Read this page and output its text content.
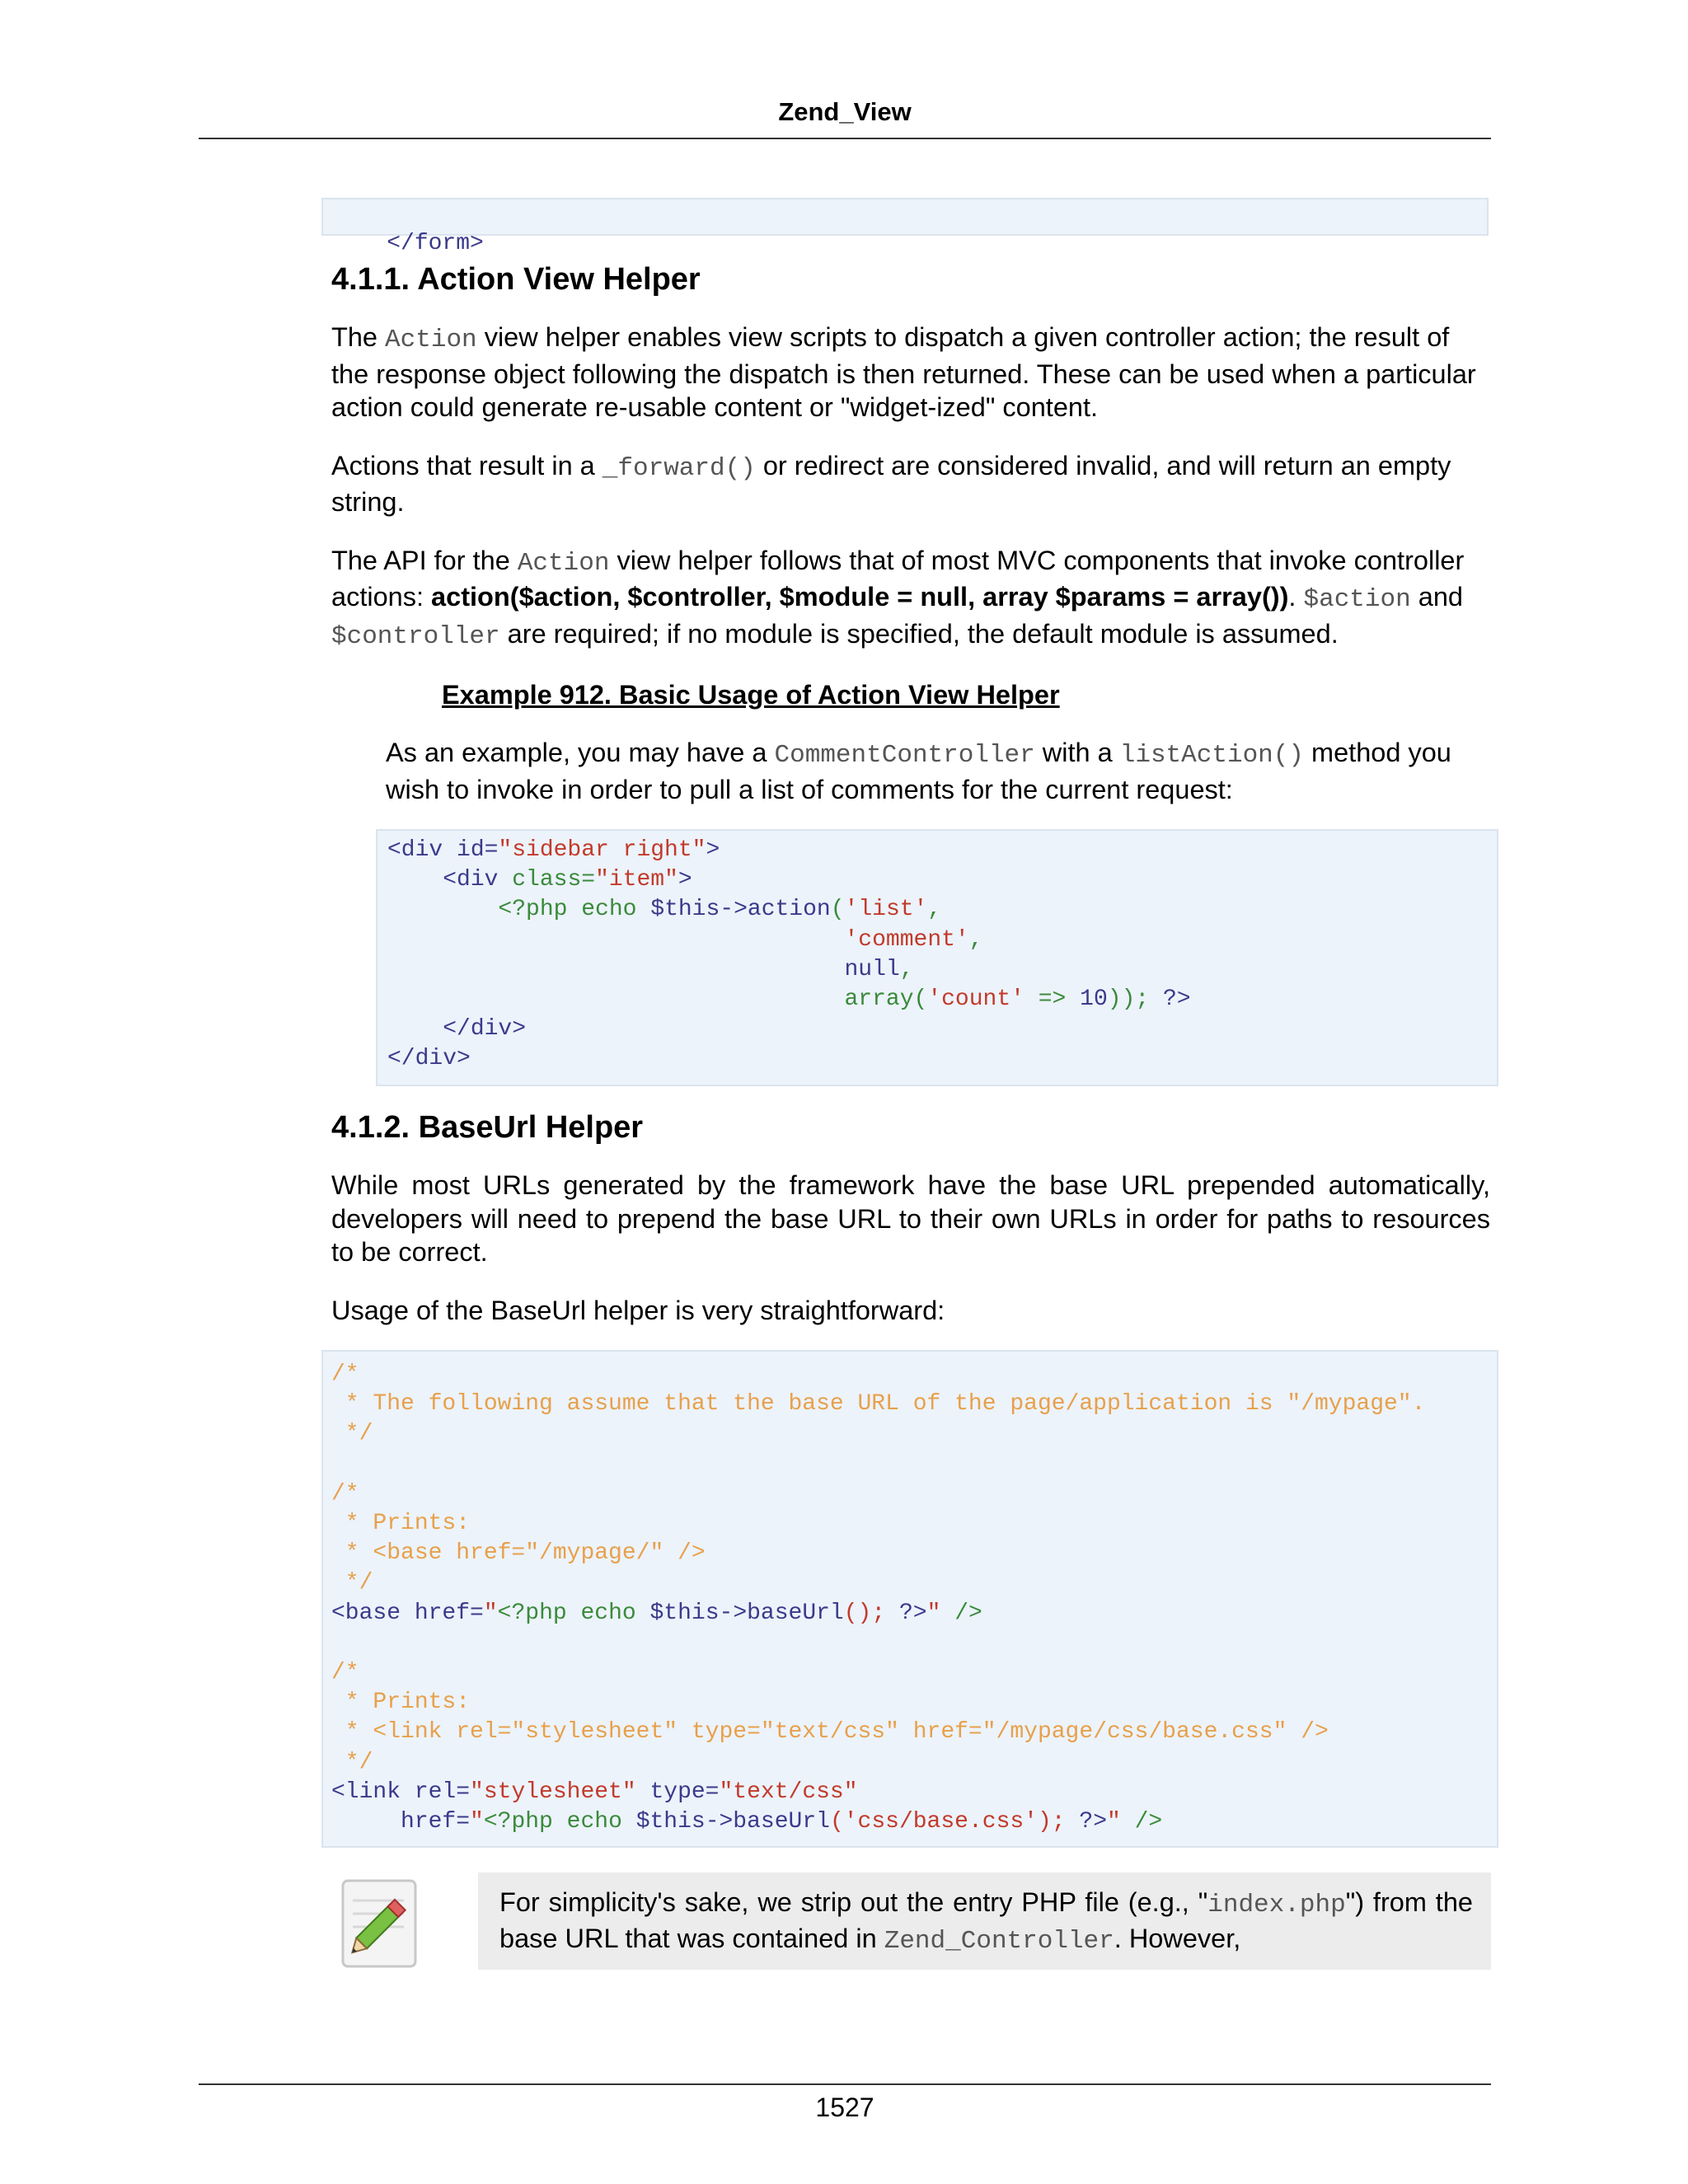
Zend_View

</form>

4.1.1. Action View Helper

The Action view helper enables view scripts to dispatch a given controller action; the result of the response object following the dispatch is then returned. These can be used when a particular action could generate re-usable content or "widget-ized" content.

Actions that result in a _forward() or redirect are considered invalid, and will return an empty string.

The API for the Action view helper follows that of most MVC components that invoke controller actions: action($action, $controller, $module = null, array $params = array()). $action and $controller are required; if no module is specified, the default module is assumed.

Example 912. Basic Usage of Action View Helper

As an example, you may have a CommentController with a listAction() method you wish to invoke in order to pull a list of comments for the current request:

<div id="sidebar right">
<div class="item">
<?php echo $this->action('list',
'comment',
null,
array('count' => 10)); ?>
</div>
</div>
4.1.2. BaseUrl Helper

While most URLs generated by the framework have the base URL prepended automatically, developers will need to prepend the base URL to their own URLs in order for paths to resources to be correct.

Usage of the BaseUrl helper is very straightforward:

/*
* The following assume that the base URL of the page/application is "/mypage".
*/

/*
* Prints:
* <base href="/mypage/" />
*/
<base href="<?php echo $this->baseUrl(); ?>" />

/*
* Prints:
* <link rel="stylesheet" type="text/css" href="/mypage/css/base.css" />
*/
<link rel="stylesheet" type="text/css"
href="<?php echo $this->baseUrl('css/base.css'); ?>" />

For simplicity's sake, we strip out the entry PHP file (e.g., "index.php") from the base URL that was contained in Zend_Controller. However,

1527
